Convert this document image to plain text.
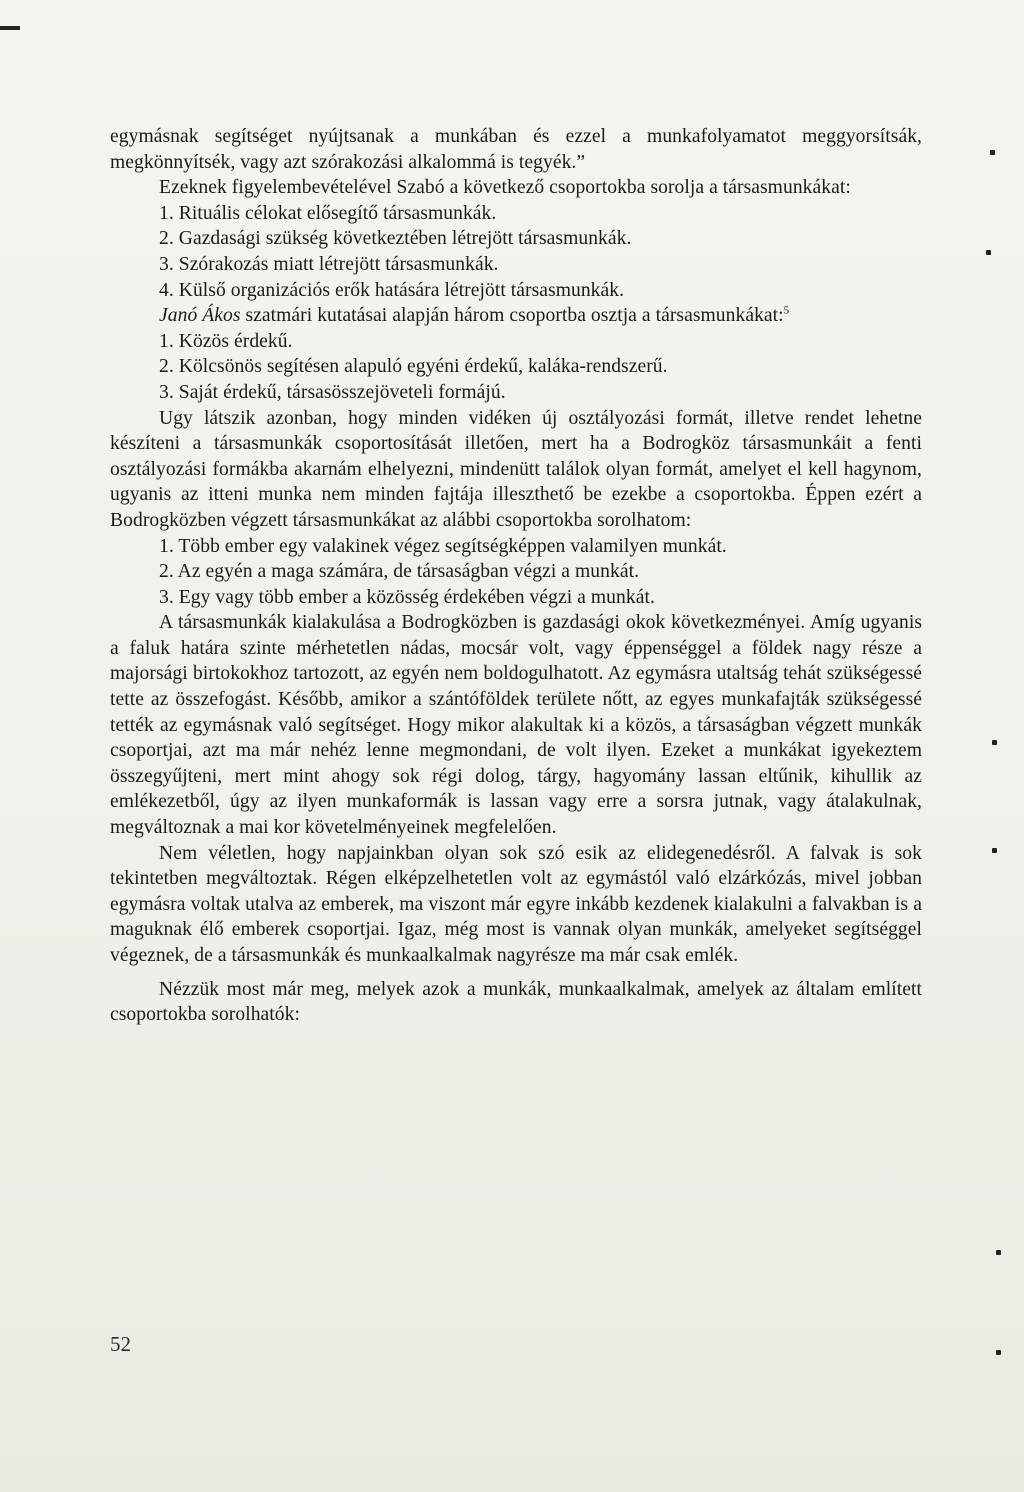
egymásnak segítséget nyújtsanak a munkában és ezzel a munkafolyamatot meggyorsítsák, megkönnyítsék, vagy azt szórakozási alkalommá is tegyék.”

Ezeknek figyelembevételével Szabó a következő csoportokba sorolja a társasmunkákat:

1. Rituális célokat elősegítő társasmunkák.

2. Gazdasági szükség következtében létrejött társasmunkák.

3. Szórakozás miatt létrejött társasmunkák.

4. Külső organizációs erők hatására létrejött társasmunkák.

Janó Ákos szatmári kutatásai alapján három csoportba osztja a társasmunkákat:$^5$

1. Közös érdekű.

2. Kölcsönös segítésen alapuló egyéni érdekű, kaláka-rendszerű.

3. Saját érdekű, társasösszejöveteli formájú.

Ugy látszik azonban, hogy minden vidéken új osztályozási formát, illetve rendet lehetne készíteni a társasmunkák csoportosítását illetően, mert ha a Bodrogköz társasmunkáit a fenti osztályozási formákba akarnám elhelyezni, mindenütt találok olyan formát, amelyet el kell hagynom, ugyanis az itteni munka nem minden fajtája illeszthető be ezekbe a csoportokba. Éppen ezért a Bodrogközben végzett társasmunkákat az alábbi csoportokba sorolhatom:

1. Több ember egy valakinek végez segítségképpen valamilyen munkát.

2. Az egyén a maga számára, de társaságban végzi a munkát.

3. Egy vagy több ember a közösség érdekében végzi a munkát.

A társasmunkák kialakulása a Bodrogközben is gazdasági okok következményei. Amíg ugyanis a faluk határa szinte mérhetetlen nádas, mocsár volt, vagy éppenséggel a földek nagy része a majorsági birtokokhoz tartozott, az egyén nem boldogulhatott. Az egymásra utaltság tehát szükségessé tette az összefogást. Később, amikor a szántóföldek területe nőtt, az egyes munkafajták szükségessé tették az egymásnak való segítséget. Hogy mikor alakultak ki a közös, a társaságban végzett munkák csoportjai, azt ma már nehéz lenne megmondani, de volt ilyen. Ezeket a munkákat igyekeztem összegyűjteni, mert mint ahogy sok régi dolog, tárgy, hagyomány lassan eltűnik, kihullik az emlékezetből, úgy az ilyen munkaformák is lassan vagy erre a sorsra jutnak, vagy átalakulnak, megváltoznak a mai kor követelményeinek megfelelően.

Nem véletlen, hogy napjainkban olyan sok szó esik az elidegenedésről. A falvak is sok tekintetben megváltoztak. Régen elképzelhetetlen volt az egymástól való elzárkózás, mivel jobban egymásra voltak utalva az emberek, ma viszont már egyre inkább kezdenek kialakulni a falvakban is a maguknak élő emberek csoportjai. Igaz, még most is vannak olyan munkák, amelyeket segítséggel végeznek, de a társasmunkák és munkaalkalmak nagyrésze ma már csak emlék.

Nézzük most már meg, melyek azok a munkák, munkaalkalmak, amelyek az általam említett csoportokba sorolhatók:

52
